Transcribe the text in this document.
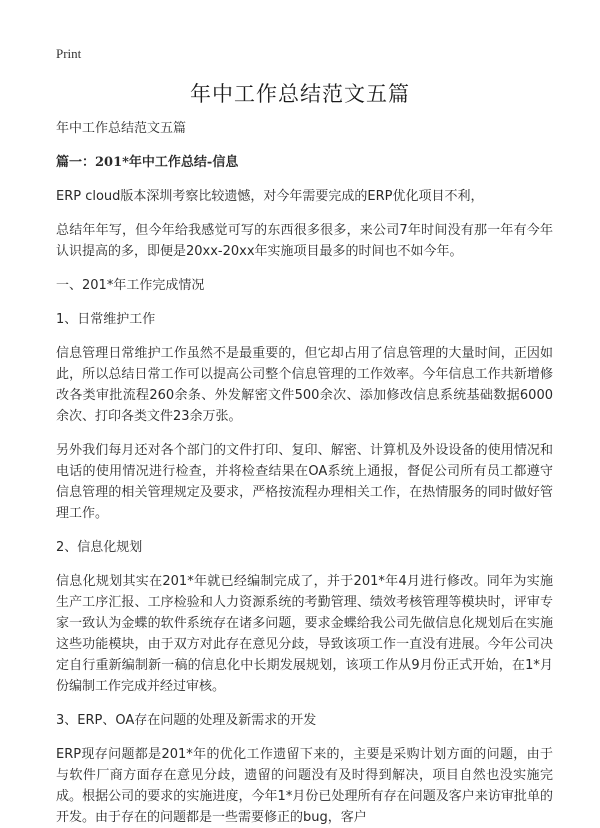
Print
年中工作总结范文五篇

年中工作总结范文五篇

篇一：201*年中工作总结-信息

ERP cloud版本深圳考察比较遗憾，对今年需要完成的ERP优化项目不利，

总结年年写，但今年给我感觉可写的东西很多很多，来公司7年时间没有那一年有今年认识提高的多，即便是20xx-20xx年实施项目最多的时间也不如今年。

一、201*年工作完成情况

1、日常维护工作

信息管理日常维护工作虽然不是最重要的，但它却占用了信息管理的大量时间，正因如此，所以总结日常工作可以提高公司整个信息管理的工作效率。今年信息工作共新增修改各类审批流程260余条、外发解密文件500余次、添加修改信息系统基础数据6000余次、打印各类文件23余万张。

另外我们每月还对各个部门的文件打印、复印、解密、计算机及外设设备的使用情况和电话的使用情况进行检查，并将检查结果在OA系统上通报，督促公司所有员工都遵守信息管理的相关管理规定及要求，严格按流程办理相关工作，在热情服务的同时做好管理工作。

2、信息化规划

信息化规划其实在201*年就已经编制完成了，并于201*年4月进行修改。同年为实施生产工序汇报、工序检验和人力资源系统的考勤管理、绩效考核管理等模块时，评审专家一致认为金蝶的软件系统存在诸多问题，要求金蝶给我公司先做信息化规划后在实施这些功能模块，由于双方对此存在意见分歧，导致该项工作一直没有进展。今年公司决定自行重新编制新一稿的信息化中长期发展规划，该项工作从9月份正式开始，在1*月份编制工作完成并经过审核。

3、ERP、OA存在问题的处理及新需求的开发

ERP现存问题都是201*年的优化工作遗留下来的，主要是采购计划方面的问题，由于与软件厂商方面存在意见分歧，遗留的问题没有及时得到解决，项目自然也没实施完成。根据公司的要求的实施进度，今年1*月份已处理所有存在问题及客户来访审批单的开发。由于存在的问题都是一些需要修正的bug，客户
